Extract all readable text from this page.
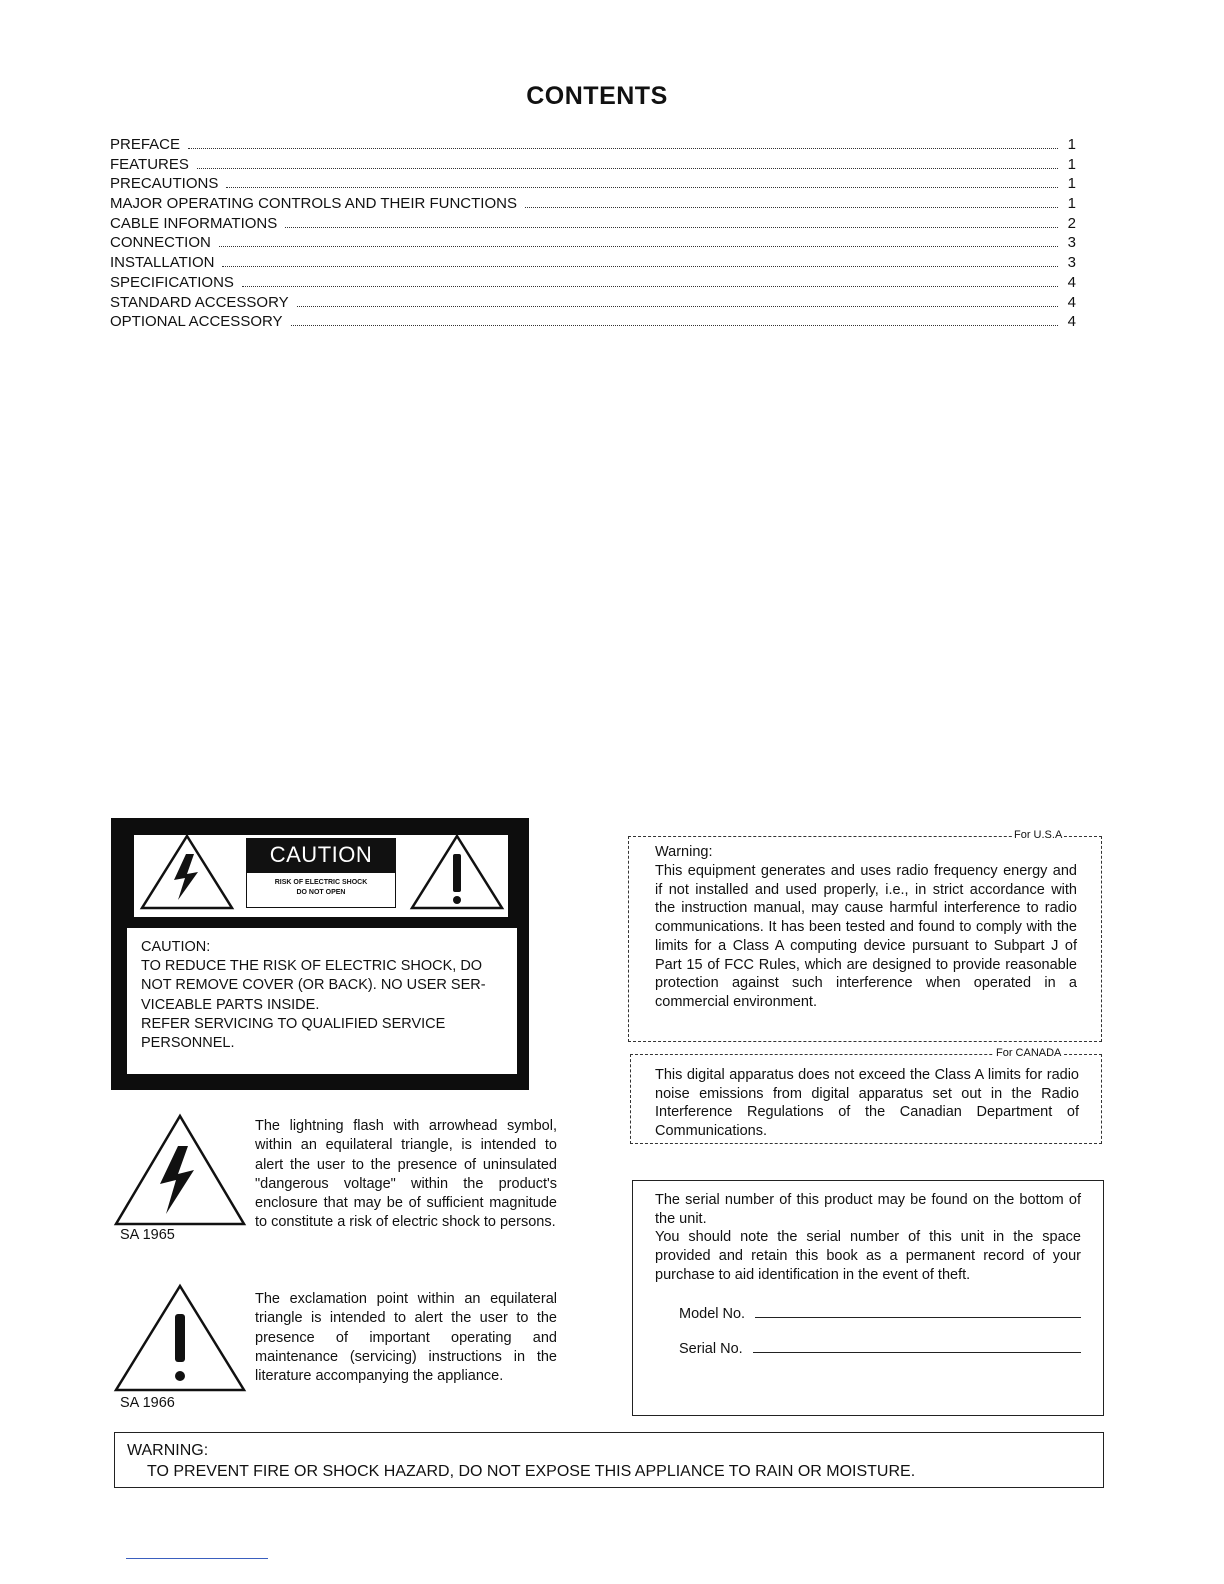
CONTENTS
PREFACE	1
FEATURES	1
PRECAUTIONS	1
MAJOR OPERATING CONTROLS AND THEIR FUNCTIONS	1
CABLE INFORMATIONS	2
CONNECTION	3
INSTALLATION	3
SPECIFICATIONS	4
STANDARD ACCESSORY	4
OPTIONAL ACCESSORY	4
CAUTION
RISK OF ELECTRIC SHOCK
DO NOT OPEN
CAUTION:
TO REDUCE THE RISK OF ELECTRIC SHOCK, DO
NOT REMOVE COVER (OR BACK). NO USER SER-
VICEABLE PARTS INSIDE.
REFER SERVICING TO QUALIFIED SERVICE
PERSONNEL.
SA 1965
The lightning flash with arrowhead symbol, within an equilateral triangle, is intended to alert the user to the presence of uninsulated "dangerous voltage" within the product's enclosure that may be of sufficient magnitude to constitute a risk of electric shock to persons.
SA 1966
The exclamation point within an equilateral triangle is intended to alert the user to the presence of important operating and maintenance (servicing) instructions in the literature accompanying the appliance.
For U.S.A
Warning:
This equipment generates and uses radio frequency energy and if not installed and used properly, i.e., in strict accordance with the instruction manual, may cause harmful interference to radio communications. It has been tested and found to comply with the limits for a Class A computing device pursuant to Subpart J of Part 15 of FCC Rules, which are designed to provide reasonable protection against such interference when operated in a commercial environment.
For CANADA
This digital apparatus does not exceed the Class A limits for radio noise emissions from digital apparatus set out in the Radio Interference Regulations of the Canadian Department of Communications.
The serial number of this product may be found on the bottom of the unit.
You should note the serial number of this unit in the space provided and retain this book as a permanent record of your purchase to aid identification in the event of theft.
Model No.
Serial No.
WARNING:
TO PREVENT FIRE OR SHOCK HAZARD, DO NOT EXPOSE THIS APPLIANCE TO RAIN OR MOISTURE.
